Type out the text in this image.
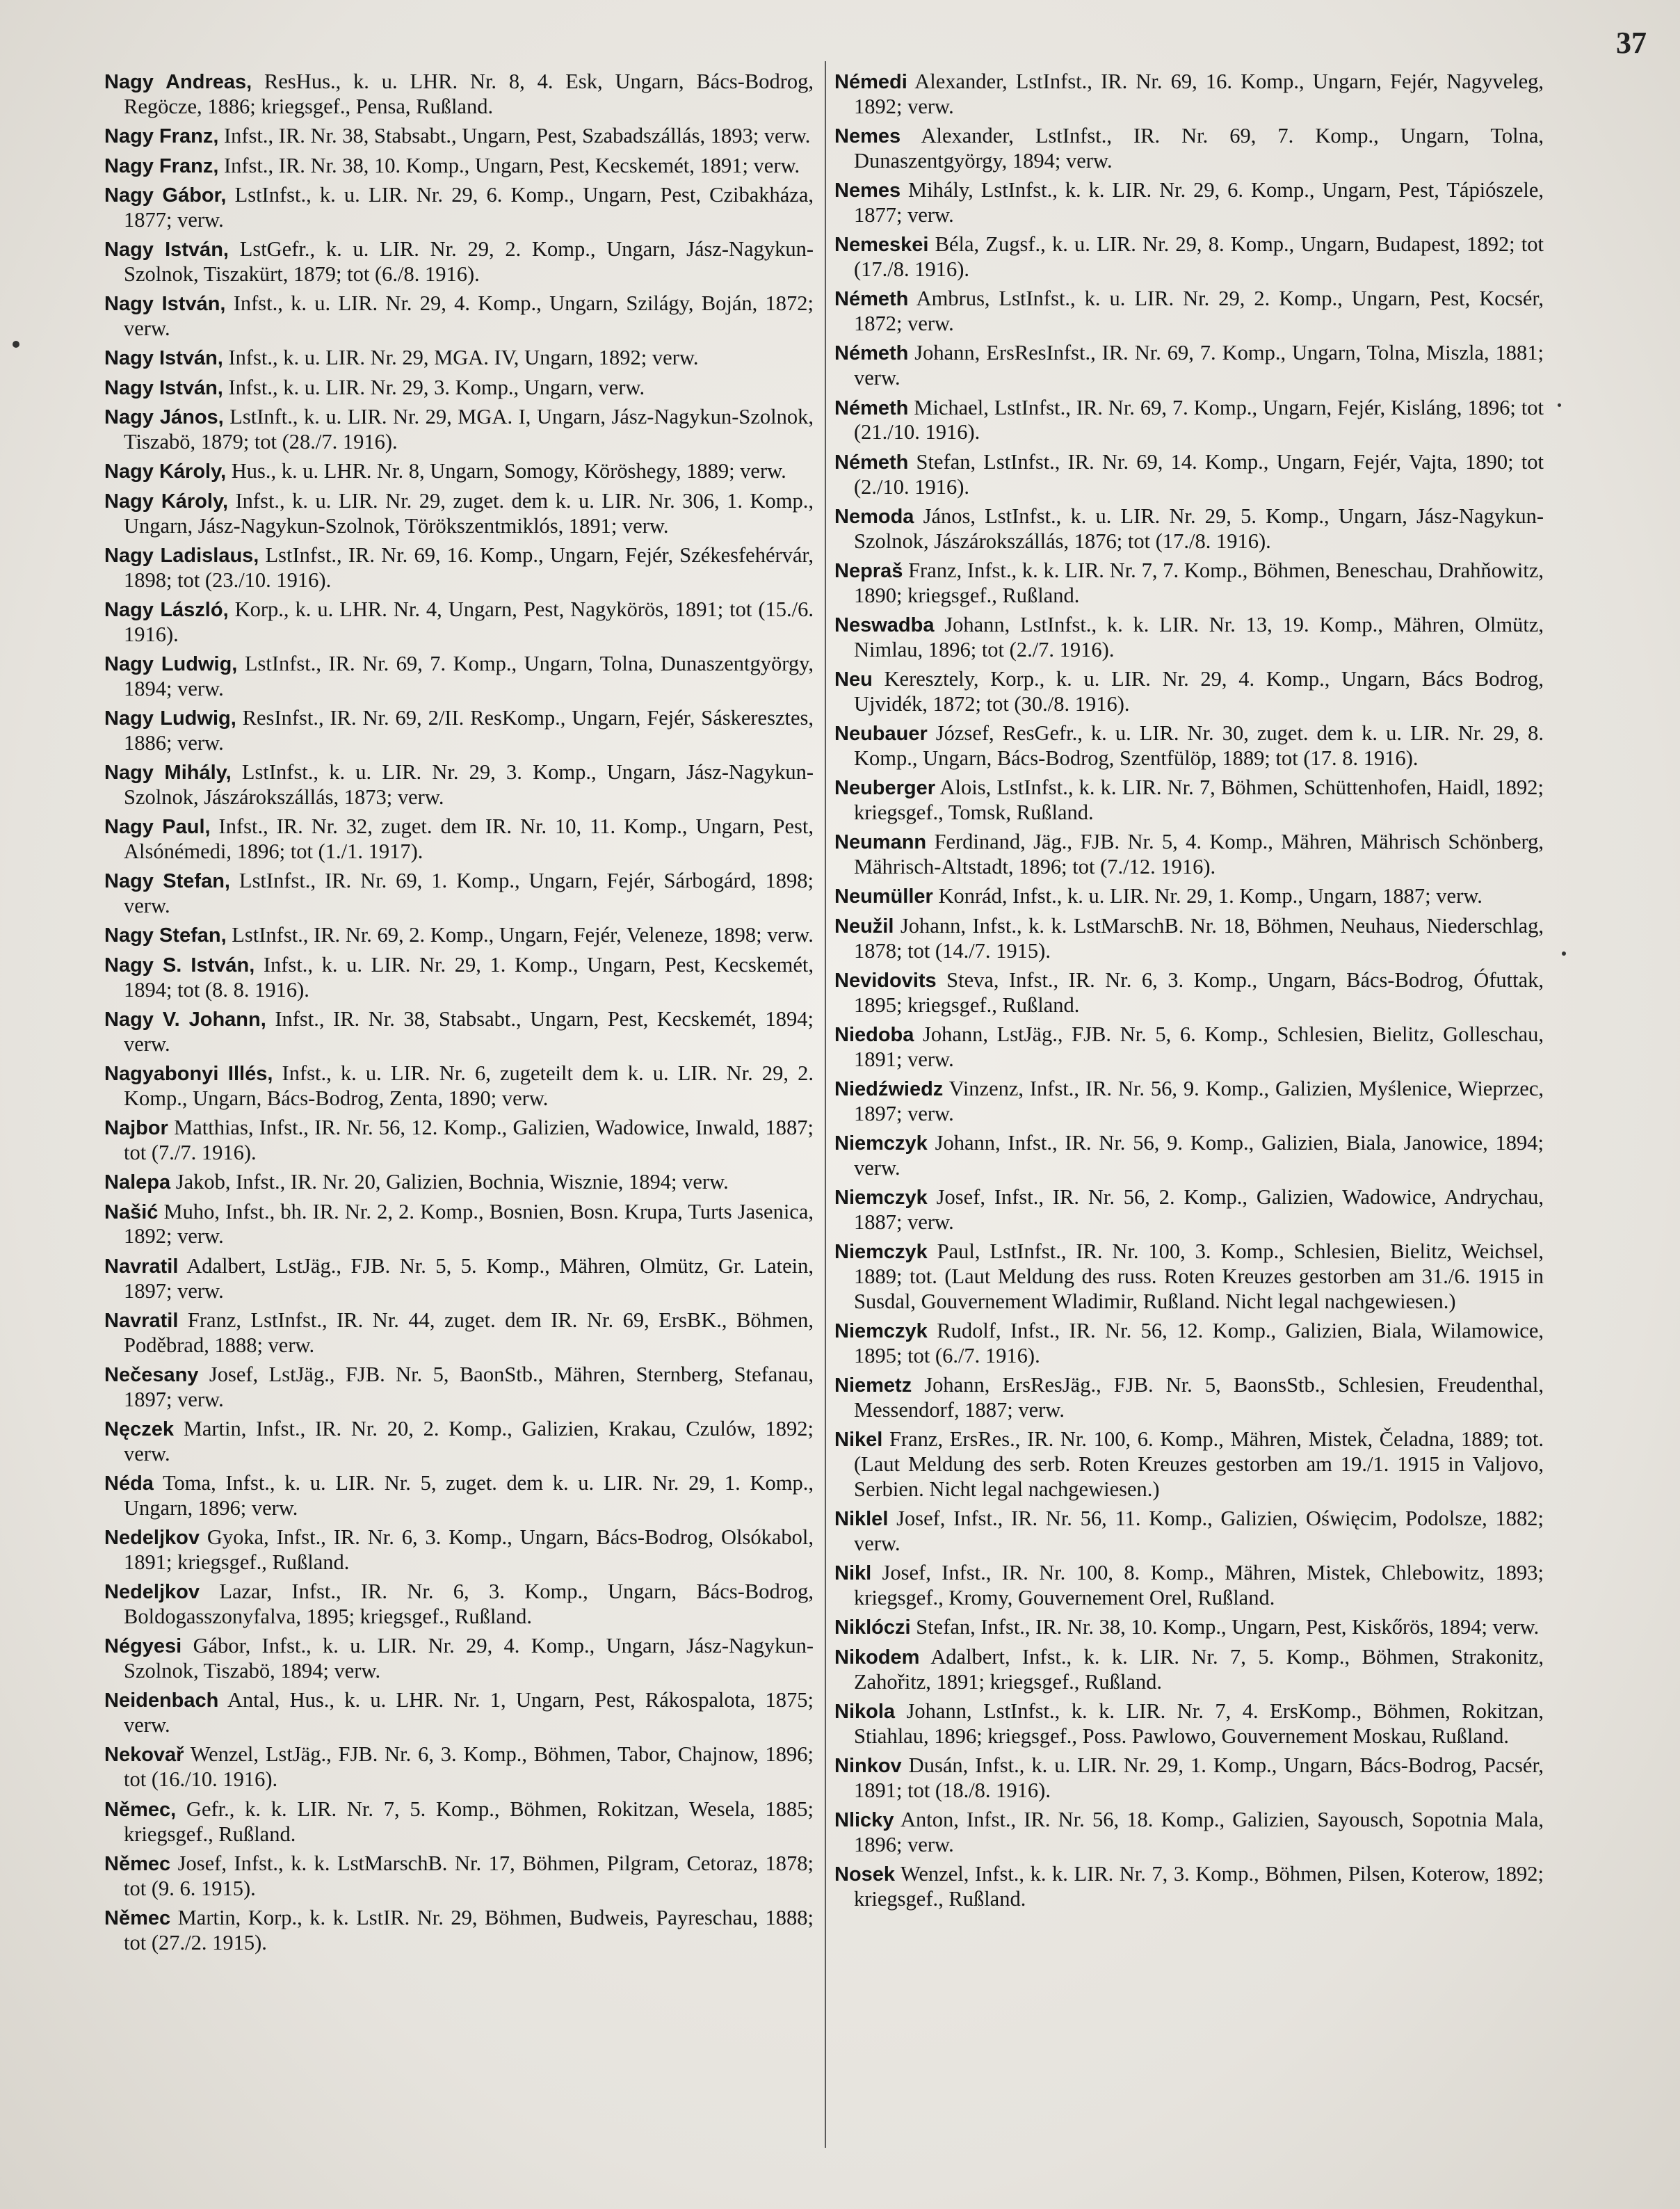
37

Nagy Andreas, ResHus., k. u. LHR. Nr. 8, 4. Esk, Ungarn, Bács-Bodrog, Regöcze, 1886; kriegsgef., Pensa, Rußland.

Nagy Franz, Infst., IR. Nr. 38, Stabsabt., Ungarn, Pest, Szabadszállás, 1893; verw.

Nagy Franz, Infst., IR. Nr. 38, 10. Komp., Ungarn, Pest, Kecskemét, 1891; verw.

Nagy Gábor, LstInfst., k. u. LIR. Nr. 29, 6. Komp., Ungarn, Pest, Czibakháza, 1877; verw.

Nagy István, LstGefr., k. u. LIR. Nr. 29, 2. Komp., Ungarn, Jász-Nagykun-Szolnok, Tiszakürt, 1879; tot (6./8. 1916).

Nagy István, Infst., k. u. LIR. Nr. 29, 4. Komp., Ungarn, Szilágy, Boján, 1872; verw.

Nagy István, Infst., k. u. LIR. Nr. 29, MGA. IV, Ungarn, 1892; verw.

Nagy István, Infst., k. u. LIR. Nr. 29, 3. Komp., Ungarn, verw.

Nagy János, LstInft., k. u. LIR. Nr. 29, MGA. I, Ungarn, Jász-Nagykun-Szolnok, Tiszabö, 1879; tot (28./7. 1916).

Nagy Károly, Hus., k. u. LHR. Nr. 8, Ungarn, Somogy, Köröshegy, 1889; verw.

Nagy Károly, Infst., k. u. LIR. Nr. 29, zuget. dem k. u. LIR. Nr. 306, 1. Komp., Ungarn, Jász-Nagykun-Szolnok, Törökszentmiklós, 1891; verw.

Nagy Ladislaus, LstInfst., IR. Nr. 69, 16. Komp., Ungarn, Fejér, Székesfehérvár, 1898; tot (23./10. 1916).

Nagy László, Korp., k. u. LHR. Nr. 4, Ungarn, Pest, Nagykörös, 1891; tot (15./6. 1916).

Nagy Ludwig, LstInfst., IR. Nr. 69, 7. Komp., Ungarn, Tolna, Dunaszentgyörgy, 1894; verw.

Nagy Ludwig, ResInfst., IR. Nr. 69, 2/II. ResKomp., Ungarn, Fejér, Sáskeresztes, 1886; verw.

Nagy Mihály, LstInfst., k. u. LIR. Nr. 29, 3. Komp., Ungarn, Jász-Nagykun-Szolnok, Jászárokszállás, 1873; verw.

Nagy Paul, Infst., IR. Nr. 32, zuget. dem IR. Nr. 10, 11. Komp., Ungarn, Pest, Alsónémedi, 1896; tot (1./1. 1917).

Nagy Stefan, LstInfst., IR. Nr. 69, 1. Komp., Ungarn, Fejér, Sárbogárd, 1898; verw.

Nagy Stefan, LstInfst., IR. Nr. 69, 2. Komp., Ungarn, Fejér, Veleneze, 1898; verw.

Nagy S. István, Infst., k. u. LIR. Nr. 29, 1. Komp., Ungarn, Pest, Kecskemét, 1894; tot (8. 8. 1916).

Nagy V. Johann, Infst., IR. Nr. 38, Stabsabt., Ungarn, Pest, Kecskemét, 1894; verw.

Nagyabonyi Illés, Infst., k. u. LIR. Nr. 6, zugeteilt dem k. u. LIR. Nr. 29, 2. Komp., Ungarn, Bács-Bodrog, Zenta, 1890; verw.

Najbor Matthias, Infst., IR. Nr. 56, 12. Komp., Galizien, Wadowice, Inwald, 1887; tot (7./7. 1916).

Nalepa Jakob, Infst., IR. Nr. 20, Galizien, Bochnia, Wisznie, 1894; verw.

Našić Muho, Infst., bh. IR. Nr. 2, 2. Komp., Bosnien, Bosn. Krupa, Turts Jasenica, 1892; verw.

Navratil Adalbert, LstJäg., FJB. Nr. 5, 5. Komp., Mähren, Olmütz, Gr. Latein, 1897; verw.

Navratil Franz, LstInfst., IR. Nr. 44, zuget. dem IR. Nr. 69, ErsBK., Böhmen, Poděbrad, 1888; verw.

Nečesany Josef, LstJäg., FJB. Nr. 5, BaonStb., Mähren, Sternberg, Stefanau, 1897; verw.

Nęczek Martin, Infst., IR. Nr. 20, 2. Komp., Galizien, Krakau, Czulów, 1892; verw.

Néda Toma, Infst., k. u. LIR. Nr. 5, zuget. dem k. u. LIR. Nr. 29, 1. Komp., Ungarn, 1896; verw.

Nedeljkov Gyoka, Infst., IR. Nr. 6, 3. Komp., Ungarn, Bács-Bodrog, Olsókabol, 1891; kriegsgef., Rußland.

Nedeljkov Lazar, Infst., IR. Nr. 6, 3. Komp., Ungarn, Bács-Bodrog, Boldogasszonyfalva, 1895; kriegsgef., Rußland.

Négyesi Gábor, Infst., k. u. LIR. Nr. 29, 4. Komp., Ungarn, Jász-Nagykun-Szolnok, Tiszabö, 1894; verw.

Neidenbach Antal, Hus., k. u. LHR. Nr. 1, Ungarn, Pest, Rákospalota, 1875; verw.

Nekovař Wenzel, LstJäg., FJB. Nr. 6, 3. Komp., Böhmen, Tabor, Chajnow, 1896; tot (16./10. 1916).

Němec, Gefr., k. k. LIR. Nr. 7, 5. Komp., Böhmen, Rokitzan, Wesela, 1885; kriegsgef., Rußland.

Němec Josef, Infst., k. k. LstMarschB. Nr. 17, Böhmen, Pilgram, Cetoraz, 1878; tot (9. 6. 1915).

Němec Martin, Korp., k. k. LstIR. Nr. 29, Böhmen, Budweis, Payreschau, 1888; tot (27./2. 1915).

Némedi Alexander, LstInfst., IR. Nr. 69, 16. Komp., Ungarn, Fejér, Nagyveleg, 1892; verw.

Nemes Alexander, LstInfst., IR. Nr. 69, 7. Komp., Ungarn, Tolna, Dunaszentgyörgy, 1894; verw.

Nemes Mihály, LstInfst., k. k. LIR. Nr. 29, 6. Komp., Ungarn, Pest, Tápiószele, 1877; verw.

Nemeskei Béla, Zugsf., k. u. LIR. Nr. 29, 8. Komp., Ungarn, Budapest, 1892; tot (17./8. 1916).

Németh Ambrus, LstInfst., k. u. LIR. Nr. 29, 2. Komp., Ungarn, Pest, Kocsér, 1872; verw.

Németh Johann, ErsResInfst., IR. Nr. 69, 7. Komp., Ungarn, Tolna, Miszla, 1881; verw.

Németh Michael, LstInfst., IR. Nr. 69, 7. Komp., Ungarn, Fejér, Kisláng, 1896; tot (21./10. 1916).

Németh Stefan, LstInfst., IR. Nr. 69, 14. Komp., Ungarn, Fejér, Vajta, 1890; tot (2./10. 1916).

Nemoda János, LstInfst., k. u. LIR. Nr. 29, 5. Komp., Ungarn, Jász-Nagykun-Szolnok, Jászárokszállás, 1876; tot (17./8. 1916).

Nepraš Franz, Infst., k. k. LIR. Nr. 7, 7. Komp., Böhmen, Beneschau, Drahňowitz, 1890; kriegsgef., Rußland.

Neswadba Johann, LstInfst., k. k. LIR. Nr. 13, 19. Komp., Mähren, Olmütz, Nimlau, 1896; tot (2./7. 1916).

Neu Keresztely, Korp., k. u. LIR. Nr. 29, 4. Komp., Ungarn, Bács Bodrog, Ujvidék, 1872; tot (30./8. 1916).

Neubauer József, ResGefr., k. u. LIR. Nr. 30, zuget. dem k. u. LIR. Nr. 29, 8. Komp., Ungarn, Bács-Bodrog, Szentfülöp, 1889; tot (17. 8. 1916).

Neuberger Alois, LstInfst., k. k. LIR. Nr. 7, Böhmen, Schüttenhofen, Haidl, 1892; kriegsgef., Tomsk, Rußland.

Neumann Ferdinand, Jäg., FJB. Nr. 5, 4. Komp., Mähren, Mährisch Schönberg, Mährisch-Altstadt, 1896; tot (7./12. 1916).

Neumüller Konrád, Infst., k. u. LIR. Nr. 29, 1. Komp., Ungarn, 1887; verw.

Neužil Johann, Infst., k. k. LstMarschB. Nr. 18, Böhmen, Neuhaus, Niederschlag, 1878; tot (14./7. 1915).

Nevidovits Steva, Infst., IR. Nr. 6, 3. Komp., Ungarn, Bács-Bodrog, Ófuttak, 1895; kriegsgef., Rußland.

Niedoba Johann, LstJäg., FJB. Nr. 5, 6. Komp., Schlesien, Bielitz, Golleschau, 1891; verw.

Niedźwiedz Vinzenz, Infst., IR. Nr. 56, 9. Komp., Galizien, Myślenice, Wieprzec, 1897; verw.

Niemczyk Johann, Infst., IR. Nr. 56, 9. Komp., Galizien, Biala, Janowice, 1894; verw.

Niemczyk Josef, Infst., IR. Nr. 56, 2. Komp., Galizien, Wadowice, Andrychau, 1887; verw.

Niemczyk Paul, LstInfst., IR. Nr. 100, 3. Komp., Schlesien, Bielitz, Weichsel, 1889; tot. (Laut Meldung des russ. Roten Kreuzes gestorben am 31./6. 1915 in Susdal, Gouvernement Wladimir, Rußland. Nicht legal nachgewiesen.)

Niemczyk Rudolf, Infst., IR. Nr. 56, 12. Komp., Galizien, Biala, Wilamowice, 1895; tot (6./7. 1916).

Niemetz Johann, ErsResJäg., FJB. Nr. 5, BaonsStb., Schlesien, Freudenthal, Messendorf, 1887; verw.

Nikel Franz, ErsRes., IR. Nr. 100, 6. Komp., Mähren, Mistek, Čeladna, 1889; tot. (Laut Meldung des serb. Roten Kreuzes gestorben am 19./1. 1915 in Valjovo, Serbien. Nicht legal nachgewiesen.)

Niklel Josef, Infst., IR. Nr. 56, 11. Komp., Galizien, Oświęcim, Podolsze, 1882; verw.

Nikl Josef, Infst., IR. Nr. 100, 8. Komp., Mähren, Mistek, Chlebowitz, 1893; kriegsgef., Kromy, Gouvernement Orel, Rußland.

Niklóczi Stefan, Infst., IR. Nr. 38, 10. Komp., Ungarn, Pest, Kiskőrös, 1894; verw.

Nikodem Adalbert, Infst., k. k. LIR. Nr. 7, 5. Komp., Böhmen, Strakonitz, Zahořitz, 1891; kriegsgef., Rußland.

Nikola Johann, LstInfst., k. k. LIR. Nr. 7, 4. ErsKomp., Böhmen, Rokitzan, Stiahlau, 1896; kriegsgef., Poss. Pawlowo, Gouvernement Moskau, Rußland.

Ninkov Dusán, Infst., k. u. LIR. Nr. 29, 1. Komp., Ungarn, Bács-Bodrog, Pacsér, 1891; tot (18./8. 1916).

Nlicky Anton, Infst., IR. Nr. 56, 18. Komp., Galizien, Sayousch, Sopotnia Mala, 1896; verw.

Nosek Wenzel, Infst., k. k. LIR. Nr. 7, 3. Komp., Böhmen, Pilsen, Koterow, 1892; kriegsgef., Rußland.
